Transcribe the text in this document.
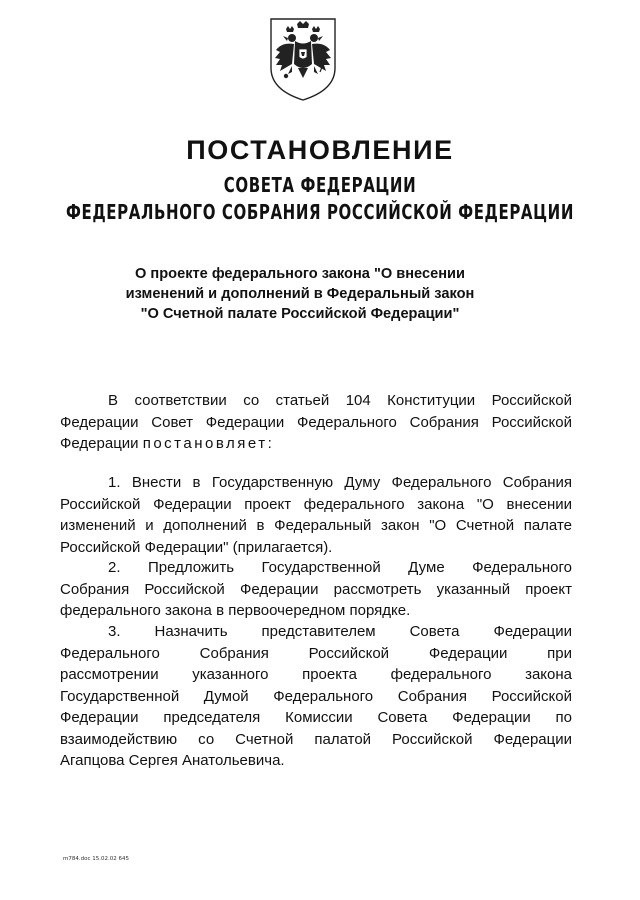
ПОСТАНОВЛЕНИЕ
СОВЕТА ФЕДЕРАЦИИ
ФЕДЕРАЛЬНОГО СОБРАНИЯ РОССИЙСКОЙ ФЕДЕРАЦИИ
О проекте федерального закона "О внесении
изменений и дополнений в Федеральный закон
"О Счетной палате Российской Федерации"
В соответствии со статьей 104 Конституции Российской
Федерации Совет Федерации Федерального Собрания Российской
Федерации постановляет:
1. Внести в Государственную Думу Федерального Собрания
Российской Федерации проект федерального закона "О внесении
изменений и дополнений в Федеральный закон "О Счетной палате
Российской Федерации" (прилагается).
2. Предложить Государственной Думе Федерального
Собрания Российской Федерации рассмотреть указанный проект
федерального закона в первоочередном порядке.
3. Назначить представителем Совета Федерации
Федерального Собрания Российской Федерации при
рассмотрении указанного проекта федерального закона
Государственной Думой Федерального Собрания Российской
Федерации председателя Комиссии Совета Федерации по
взаимодействию со Счетной палатой Российской Федерации
Агапцова Сергея Анатольевича.
m784.doc 15.02.02 645
